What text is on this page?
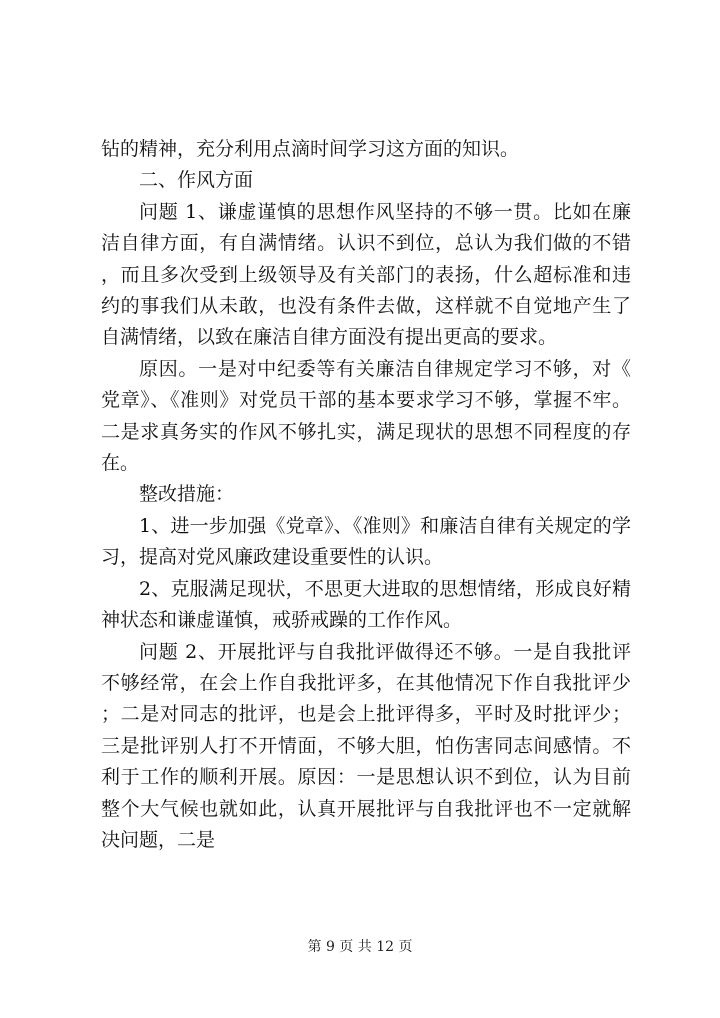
钻的精神，充分利用点滴时间学习这方面的知识。

二、作风方面

问题 1、谦虚谨慎的思想作风坚持的不够一贯。比如在廉洁自律方面，有自满情绪。认识不到位，总认为我们做的不错，而且多次受到上级领导及有关部门的表扬，什么超标准和违约的事我们从未敢，也没有条件去做，这样就不自觉地产生了自满情绪，以致在廉洁自律方面没有提出更高的要求。

原因。一是对中纪委等有关廉洁自律规定学习不够，对《党章》、《准则》对党员干部的基本要求学习不够，掌握不牢。二是求真务实的作风不够扎实，满足现状的思想不同程度的存在。

整改措施：

1、进一步加强《党章》、《准则》和廉洁自律有关规定的学习，提高对党风廉政建设重要性的认识。

2、克服满足现状，不思更大进取的思想情绪，形成良好精神状态和谦虚谨慎，戒骄戒躁的工作作风。

问题 2、开展批评与自我批评做得还不够。一是自我批评不够经常，在会上作自我批评多，在其他情况下作自我批评少；二是对同志的批评，也是会上批评得多，平时及时批评少；三是批评别人打不开情面，不够大胆，怕伤害同志间感情。不利于工作的顺利开展。原因：一是思想认识不到位，认为目前整个大气候也就如此，认真开展批评与自我批评也不一定就解决问题，二是

第 9 页 共 12 页
